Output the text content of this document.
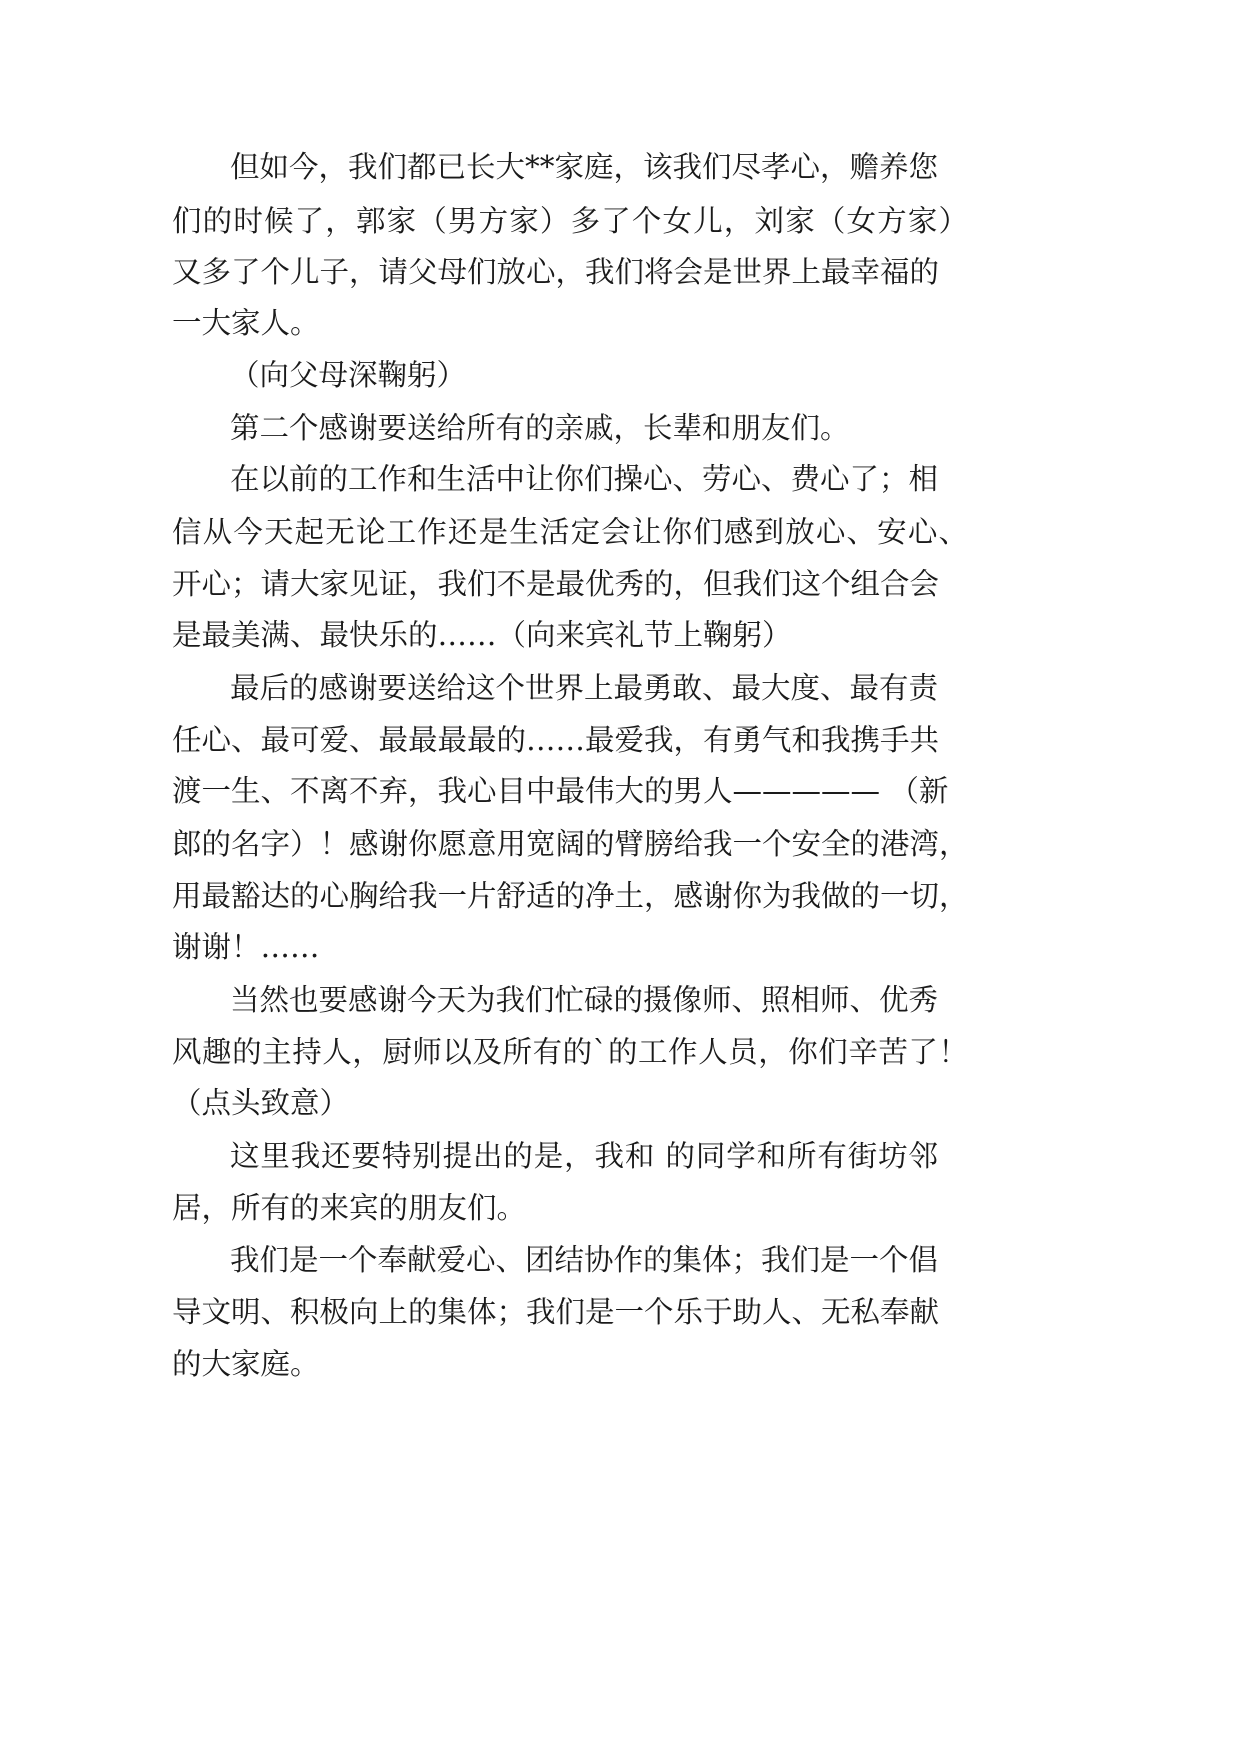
但如今，我们都已长大**家庭，该我们尽孝心，赡养您
们的时候了，郭家（男方家）多了个女儿，刘家（女方家）
又多了个儿子，请父母们放心，我们将会是世界上最幸福的
一大家人。
（向父母深鞠躬）
第二个感谢要送给所有的亲戚，长辈和朋友们。
在以前的工作和生活中让你们操心、劳心、费心了；相
信从今天起无论工作还是生活定会让你们感到放心、安心、
开心；请大家见证，我们不是最优秀的，但我们这个组合会
是最美满、最快乐的……（向来宾礼节上鞠躬）
最后的感谢要送给这个世界上最勇敢、最大度、最有责
任心、最可爱、最最最最的……最爱我，有勇气和我携手共
渡一生、不离不弃，我心目中最伟大的男人————— （新
郎的名字）！感谢你愿意用宽阔的臂膀给我一个安全的港湾，
用最豁达的心胸给我一片舒适的净土，感谢你为我做的一切，
谢谢！……
当然也要感谢今天为我们忙碌的摄像师、照相师、优秀
风趣的主持人，厨师以及所有的`的工作人员，你们辛苦了！
（点头致意）
这里我还要特别提出的是，我和 的同学和所有街坊邻
居，所有的来宾的朋友们。
我们是一个奉献爱心、团结协作的集体；我们是一个倡
导文明、积极向上的集体；我们是一个乐于助人、无私奉献
的大家庭。
